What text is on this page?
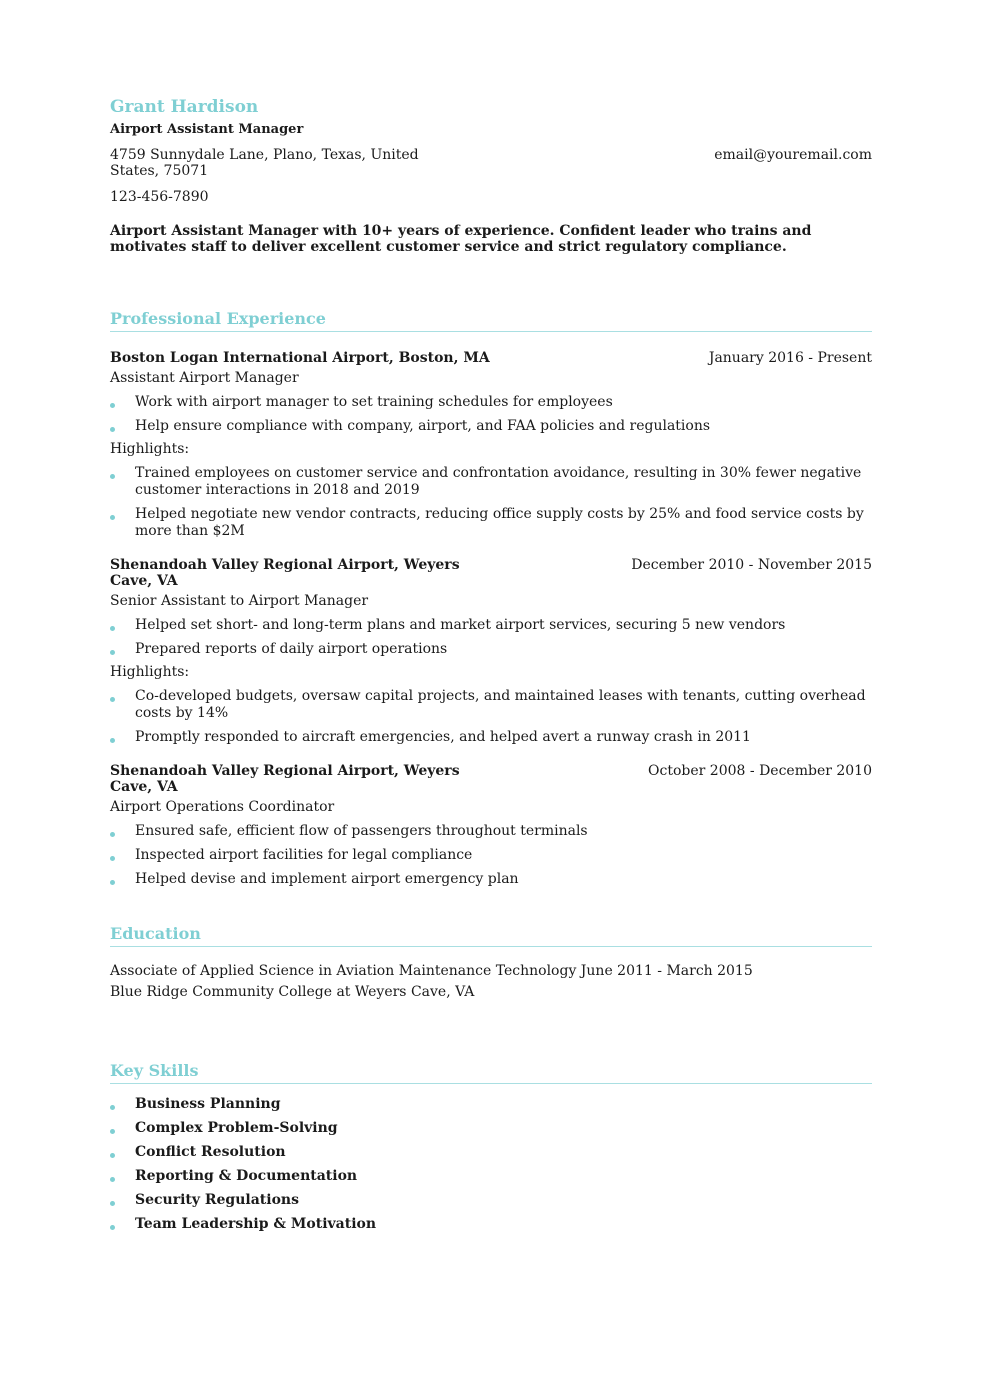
Grant Hardison
Airport Assistant Manager
4759 Sunnydale Lane, Plano, Texas, United States, 75071
email@youremail.com
123-456-7890
Airport Assistant Manager with 10+ years of experience. Confident leader who trains and motivates staff to deliver excellent customer service and strict regulatory compliance.
Professional Experience
Boston Logan International Airport, Boston, MA	January 2016 - Present
Assistant Airport Manager
Work with airport manager to set training schedules for employees
Help ensure compliance with company, airport, and FAA policies and regulations
Highlights:
Trained employees on customer service and confrontation avoidance, resulting in 30% fewer negative customer interactions in 2018 and 2019
Helped negotiate new vendor contracts, reducing office supply costs by 25% and food service costs by more than $2M
Shenandoah Valley Regional Airport, Weyers Cave, VA
December 2010 - November 2015
Senior Assistant to Airport Manager
Helped set short- and long-term plans and market airport services, securing 5 new vendors
Prepared reports of daily airport operations
Highlights:
Co-developed budgets, oversaw capital projects, and maintained leases with tenants, cutting overhead costs by 14%
Promptly responded to aircraft emergencies, and helped avert a runway crash in 2011
Shenandoah Valley Regional Airport, Weyers Cave, VA
October 2008 - December 2010
Airport Operations Coordinator
Ensured safe, efficient flow of passengers throughout terminals
Inspected airport facilities for legal compliance
Helped devise and implement airport emergency plan
Education
Associate of Applied Science in Aviation Maintenance Technology June 2011 - March 2015
Blue Ridge Community College at Weyers Cave, VA
Key Skills
Business Planning
Complex Problem-Solving
Conflict Resolution
Reporting & Documentation
Security Regulations
Team Leadership & Motivation
